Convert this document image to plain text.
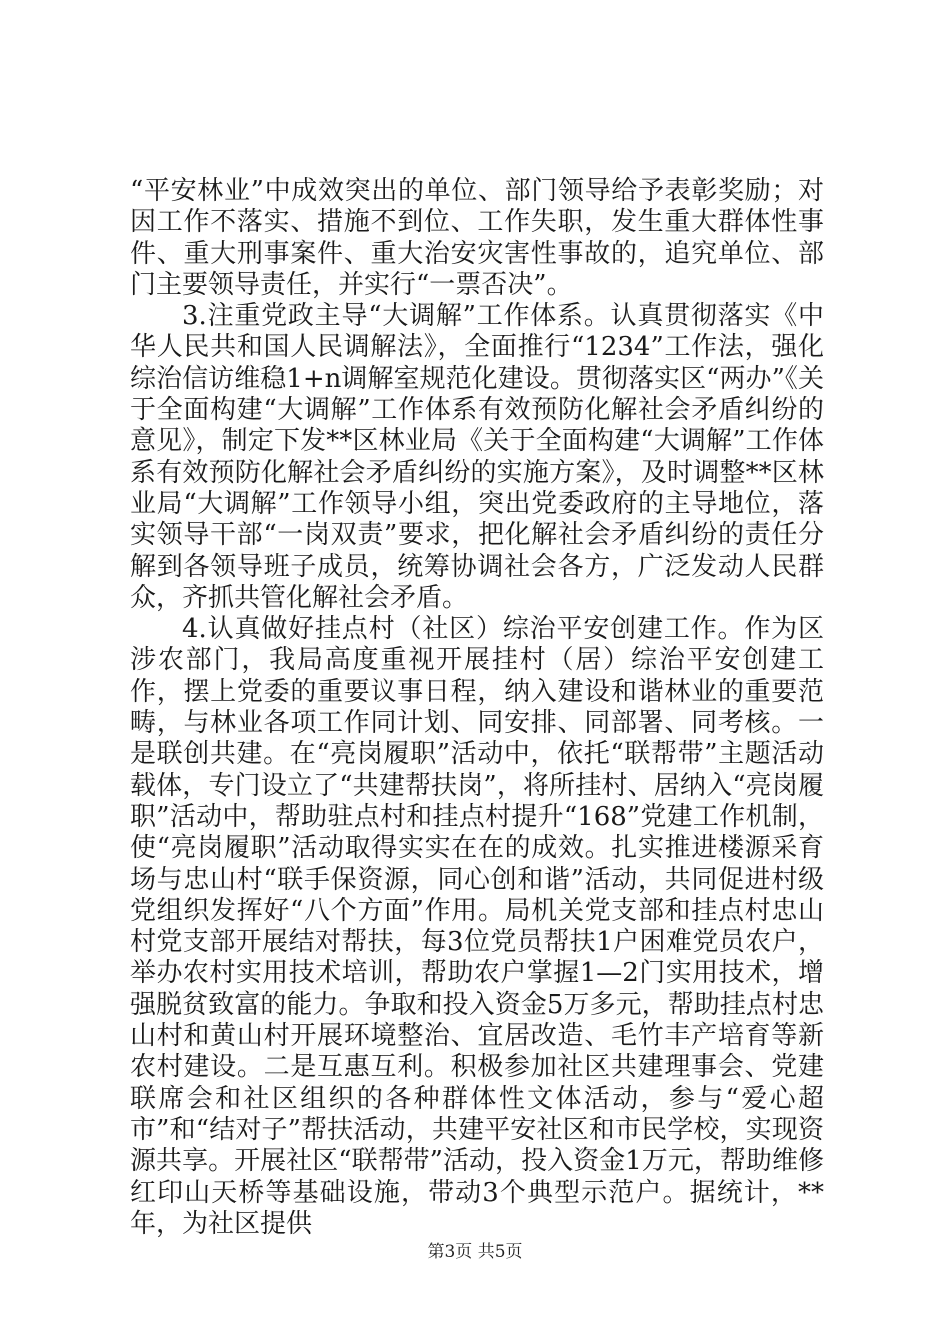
“平安林业”中成效突出的单位、部门领导给予表彰奖励；对因工作不落实、措施不到位、工作失职，发生重大群体性事件、重大刑事案件、重大治安灾害性事故的，追究单位、部门主要领导责任，并实行“一票否决”。

3.注重党政主导“大调解”工作体系。认真贯彻落实《中华人民共和国人民调解法》，全面推行“1234”工作法，强化综治信访维稳1+n调解室规范化建设。贯彻落实区“两办”《关于全面构建“大调解”工作体系有效预防化解社会矛盾纠纷的意见》，制定下发**区林业局《关于全面构建“大调解”工作体系有效预防化解社会矛盾纠纷的实施方案》，及时调整**区林业局“大调解”工作领导小组，突出党委政府的主导地位，落实领导干部“一岗双责”要求，把化解社会矛盾纠纷的责任分解到各领导班子成员，统筹协调社会各方，广泛发动人民群众，齐抓共管化解社会矛盾。

4.认真做好挂点村（社区）综治平安创建工作。作为区涉农部门，我局高度重视开展挂村（居）综治平安创建工作，摆上党委的重要议事日程，纳入建设和谐林业的重要范畴，与林业各项工作同计划、同安排、同部署、同考核。一是联创共建。在“亮岗履职”活动中，依托“联帮带”主题活动载体，专门设立了“共建帮扶岗”，将所挂村、居纳入“亮岗履职”活动中，帮助驻点村和挂点村提升“168”党建工作机制，使“亮岗履职”活动取得实实在在的成效。扎实推进楼源采育场与忠山村“联手保资源，同心创和谐”活动，共同促进村级党组织发挥好“八个方面”作用。局机关党支部和挂点村忠山村党支部开展结对帮扶，每3位党员帮扶1户困难党员农户，举办农村实用技术培训，帮助农户掌握1—2门实用技术，增强脱贫致富的能力。争取和投入资金5万多元，帮助挂点村忠山村和黄山村开展环境整治、宜居改造、毛竹丰产培育等新农村建设。二是互惠互利。积极参加社区共建理事会、党建联席会和社区组织的各种群体性文体活动，参与“爱心超市”和“结对子”帮扶活动，共建平安社区和市民学校，实现资源共享。开展社区“联帮带”活动，投入资金1万元，帮助维修红印山天桥等基础设施，带动3个典型示范户。据统计，**年，为社区提供

第3页 共5页
